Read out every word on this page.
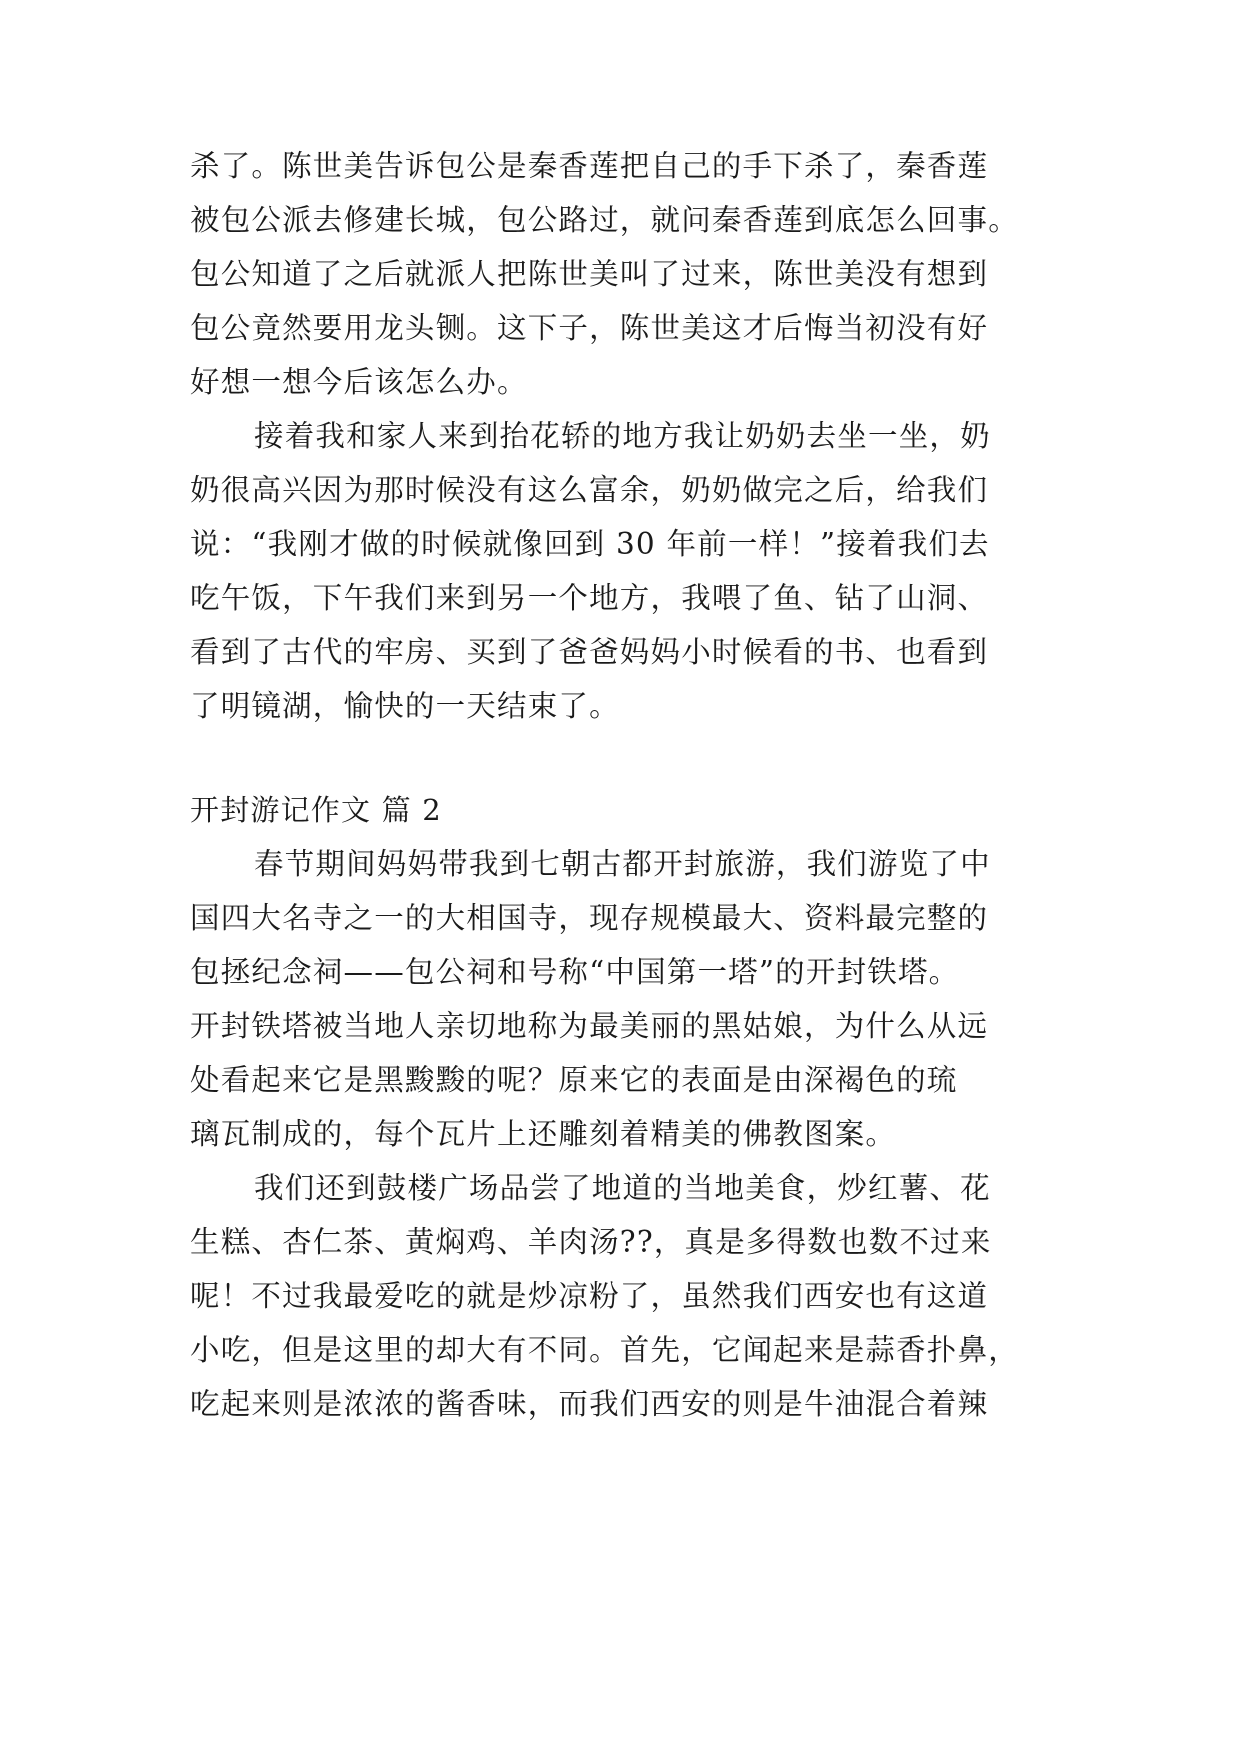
杀了。陈世美告诉包公是秦香莲把自己的手下杀了，秦香莲
被包公派去修建长城，包公路过，就问秦香莲到底怎么回事。
包公知道了之后就派人把陈世美叫了过来，陈世美没有想到
包公竟然要用龙头铡。这下子，陈世美这才后悔当初没有好
好想一想今后该怎么办。
接着我和家人来到抬花轿的地方我让奶奶去坐一坐，奶
奶很高兴因为那时候没有这么富余，奶奶做完之后，给我们
说：“我刚才做的时候就像回到 30 年前一样！”接着我们去
吃午饭，下午我们来到另一个地方，我喂了鱼、钻了山洞、
看到了古代的牢房、买到了爸爸妈妈小时候看的书、也看到
了明镜湖，愉快的一天结束了。
开封游记作文 篇 2
春节期间妈妈带我到七朝古都开封旅游，我们游览了中
国四大名寺之一的大相国寺，现存规模最大、资料最完整的
包拯纪念祠——包公祠和号称“中国第一塔”的开封铁塔。
开封铁塔被当地人亲切地称为最美丽的黑姑娘，为什么从远
处看起来它是黑黢黢的呢？原来它的表面是由深褐色的琉
璃瓦制成的，每个瓦片上还雕刻着精美的佛教图案。
我们还到鼓楼广场品尝了地道的当地美食，炒红薯、花
生糕、杏仁茶、黄焖鸡、羊肉汤??，真是多得数也数不过来
呢！不过我最爱吃的就是炒凉粉了，虽然我们西安也有这道
小吃，但是这里的却大有不同。首先，它闻起来是蒜香扑鼻，
吃起来则是浓浓的酱香味，而我们西安的则是牛油混合着辣
